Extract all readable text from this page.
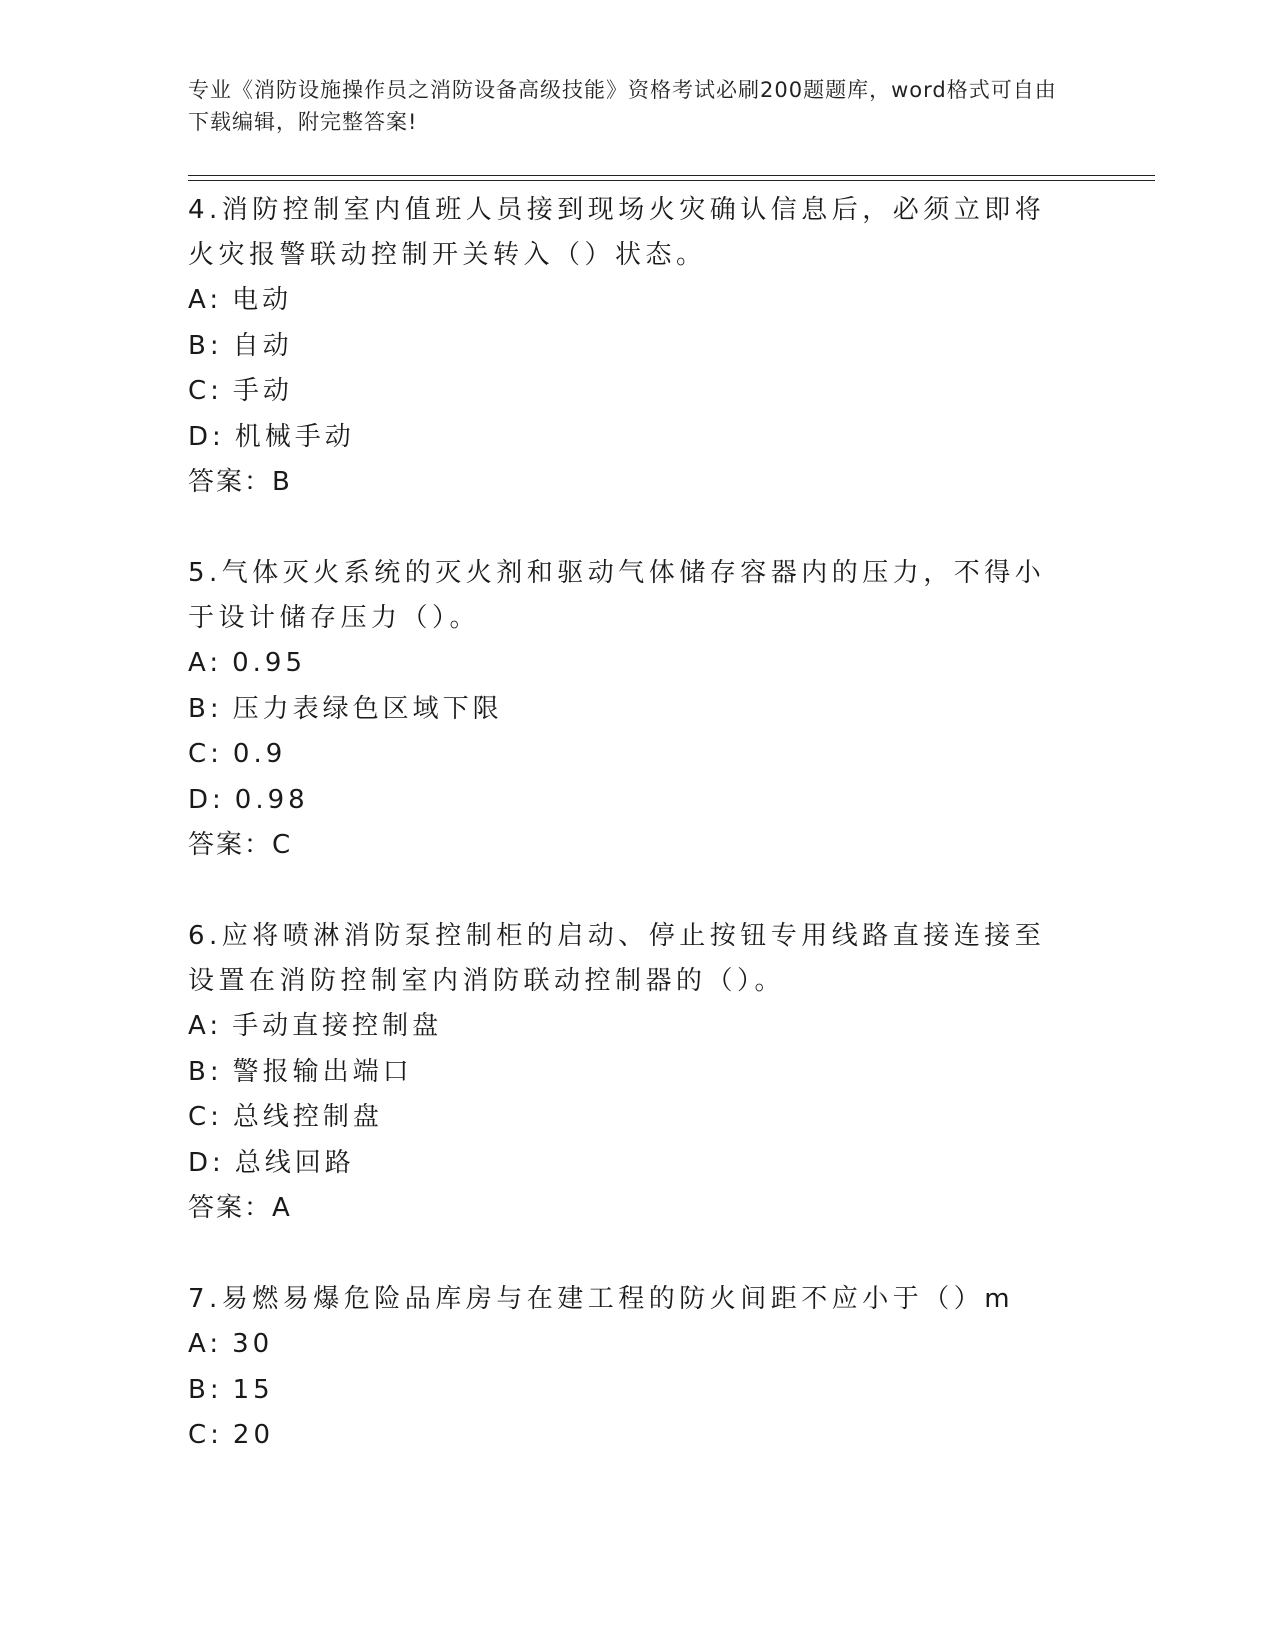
专业《消防设施操作员之消防设备高级技能》资格考试必刷200题题库，word格式可自由下载编辑，附完整答案!

4.消防控制室内值班人员接到现场火灾确认信息后，必须立即将火灾报警联动控制开关转入（）状态。

A: 电动

B: 自动

C: 手动

D: 机械手动

答案：B

5.气体灭火系统的灭火剂和驱动气体储存容器内的压力，不得小于设计储存压力（）。

A: 0.95

B: 压力表绿色区域下限

C: 0.9

D: 0.98

答案：C

6.应将喷淋消防泵控制柜的启动、停止按钮专用线路直接连接至设置在消防控制室内消防联动控制器的（）。

A: 手动直接控制盘

B: 警报输出端口

C: 总线控制盘

D: 总线回路

答案：A

7.易燃易爆危险品库房与在建工程的防火间距不应小于（）m

A: 30

B: 15

C: 20
